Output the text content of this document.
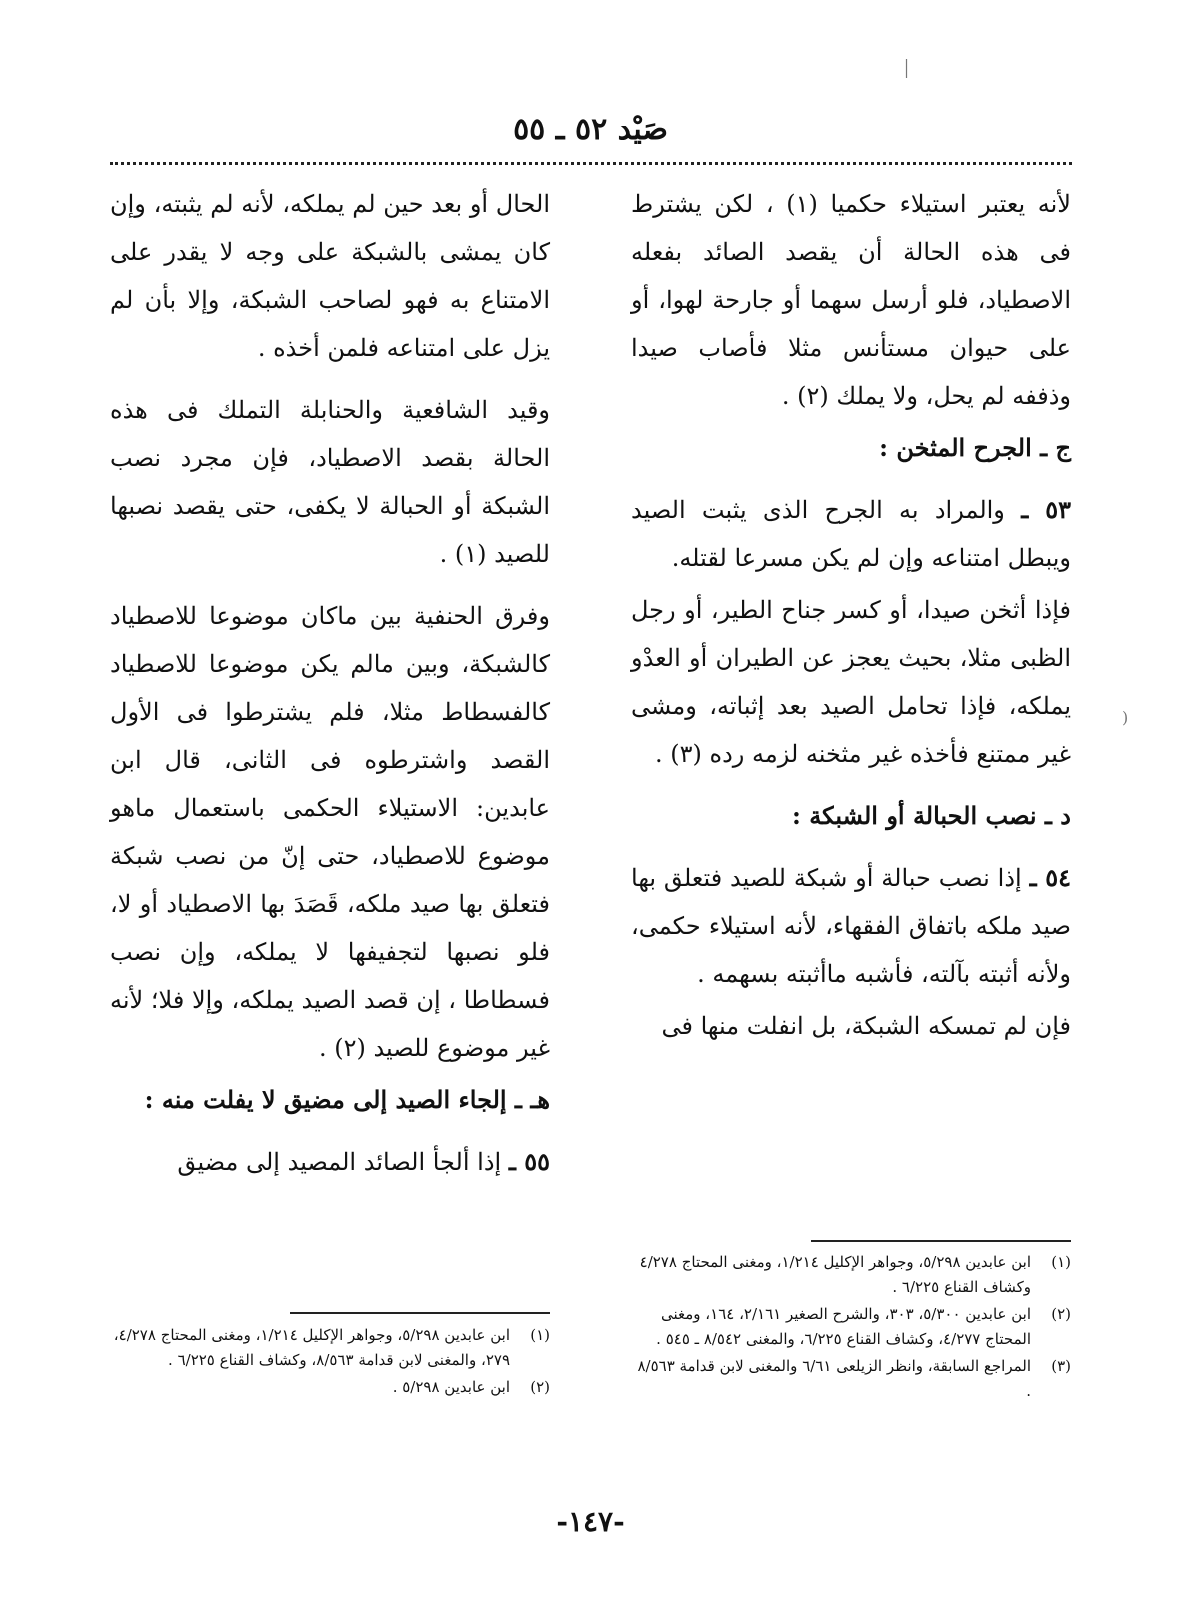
صَيْد ٥٢ ـ ٥٥
׀
(

لأنه يعتبر استيلاء حكميا (١) ، لكن يشترط فى هذه الحالة أن يقصد الصائد بفعله الاصطياد، فلو أرسل سهما أو جارحة لهوا، أو على حيوان مستأنس مثلا فأصاب صيدا وذففه لم يحل، ولا يملك (٢) .

ج ـ الجرح المثخن :

٥٣ ـ والمراد به الجرح الذى يثبت الصيد ويبطل امتناعه وإن لم يكن مسرعا لقتله.

فإذا أثخن صيدا، أو كسر جناح الطير، أو رجل الظبى مثلا، بحيث يعجز عن الطيران أو العدْو يملكه، فإذا تحامل الصيد بعد إثباته، ومشى غير ممتنع فأخذه غير مثخنه لزمه رده (٣) .

د ـ نصب الحبالة أو الشبكة :

٥٤ ـ إذا نصب حبالة أو شبكة للصيد فتعلق بها صيد ملكه باتفاق الفقهاء، لأنه استيلاء حكمى، ولأنه أثبته بآلته، فأشبه ماأثبته بسهمه .

فإن لم تمسكه الشبكة، بل انفلت منها فى

الحال أو بعد حين لم يملكه، لأنه لم يثبته، وإن كان يمشى بالشبكة على وجه لا يقدر على الامتناع به فهو لصاحب الشبكة، وإلا بأن لم يزل على امتناعه فلمن أخذه .

وقيد الشافعية والحنابلة التملك فى هذه الحالة بقصد الاصطياد، فإن مجرد نصب الشبكة أو الحبالة لا يكفى، حتى يقصد نصبها للصيد (١) .

وفرق الحنفية بين ماكان موضوعا للاصطياد كالشبكة، وبين مالم يكن موضوعا للاصطياد كالفسطاط مثلا، فلم يشترطوا فى الأول القصد واشترطوه فى الثانى، قال ابن عابدين: الاستيلاء الحكمى باستعمال ماهو موضوع للاصطياد، حتى إنّ من نصب شبكة فتعلق بها صيد ملكه، قَصَدَ بها الاصطياد أو لا، فلو نصبها لتجفيفها لا يملكه، وإن نصب فسطاطا ، إن قصد الصيد يملكه، وإلا فلا؛ لأنه غير موضوع للصيد (٢) .

هـ ـ إلجاء الصيد إلى مضيق لا يفلت منه :

٥٥ ـ إذا ألجأ الصائد المصيد إلى مضيق

(١)ابن عابدين ٥/٢٩٨، وجواهر الإكليل ١/٢١٤، ومغنى المحتاج ٤/٢٧٨ وكشاف القناع ٦/٢٢٥ .
(٢)ابن عابدين ٥/٣٠٠، ٣٠٣، والشرح الصغير ٢/١٦١، ١٦٤، ومغنى المحتاج ٤/٢٧٧، وكشاف القناع ٦/٢٢٥، والمغنى ٨/٥٤٢ ـ ٥٤٥ .
(٣)المراجع السابقة، وانظر الزيلعى ٦/٦١ والمغنى لابن قدامة ٨/٥٦٣ .
(١)ابن عابدين ٥/٢٩٨، وجواهر الإكليل ١/٢١٤، ومغنى المحتاج ٤/٢٧٨، ٢٧٩، والمغنى لابن قدامة ٨/٥٦٣، وكشاف القناع ٦/٢٢٥ .
(٢)ابن عابدين ٥/٢٩٨ .
-١٤٧-
